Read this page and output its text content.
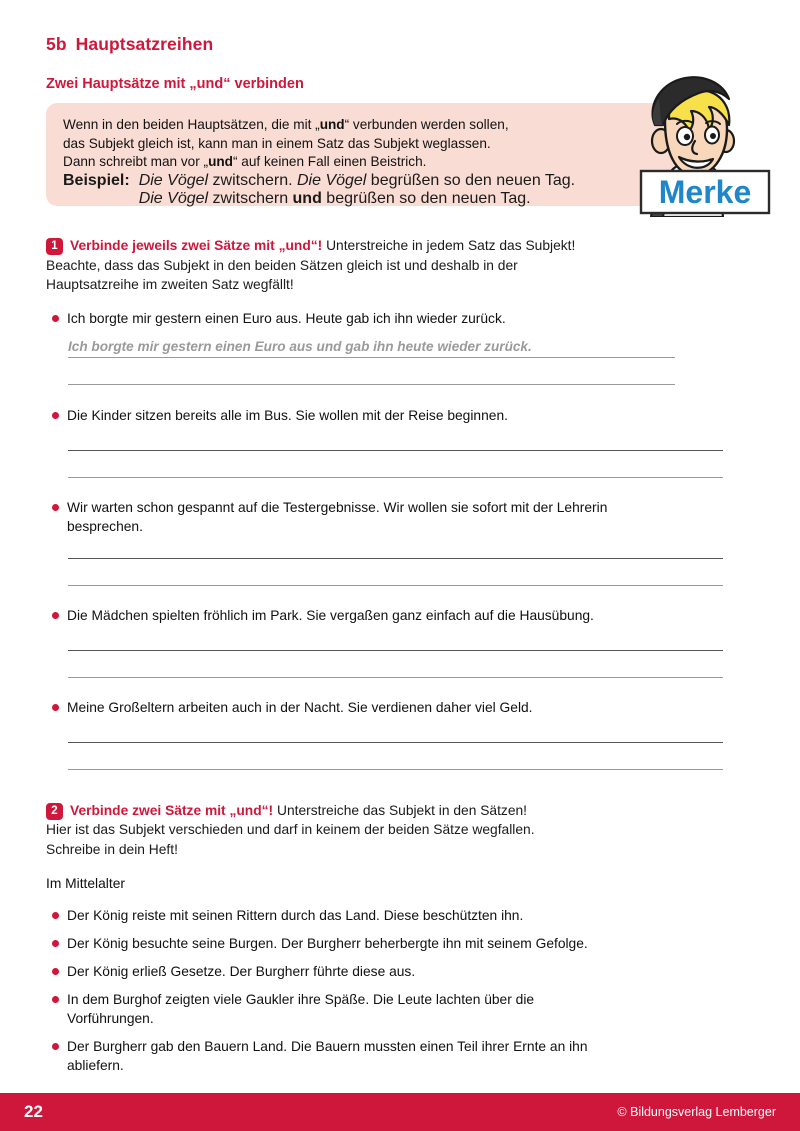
5b Hauptsatzreihen
Zwei Hauptsätze mit „und“ verbinden

Wenn in den beiden Hauptsätzen, die mit „und“ verbunden werden sollen,

das Subjekt gleich ist, kann man in einem Satz das Subjekt weglassen.

Dann schreibt man vor „und“ auf keinen Fall einen Beistrich.

Beispiel: Die Vögel zwitschern. Die Vögel begrüßen so den neuen Tag.
Die Vögel zwitschern und begrüßen so den neuen Tag.	Merke
1 Verbinde jeweils zwei Sätze mit „und“! Unterstreiche in jedem Satz das Subjekt!
Beachte, dass das Subjekt in den beiden Sätzen gleich ist und deshalb in der
Hauptsatzreihe im zweiten Satz wegfällt!
Ich borgte mir gestern einen Euro aus. Heute gab ich ihn wieder zurück.
Ich borgte mir gestern einen Euro aus und gab ihn heute wieder zurück.
Die Kinder sitzen bereits alle im Bus. Sie wollen mit der Reise beginnen.
Wir warten schon gespannt auf die Testergebnisse. Wir wollen sie sofort mit der Lehrerin
besprechen.
Die Mädchen spielten fröhlich im Park. Sie vergaßen ganz einfach auf die Hausübung.
Meine Großeltern arbeiten auch in der Nacht. Sie verdienen daher viel Geld.
2 Verbinde zwei Sätze mit „und“! Unterstreiche das Subjekt in den Sätzen!
Hier ist das Subjekt verschieden und darf in keinem der beiden Sätze wegfallen.
Schreibe in dein Heft!
Im Mittelalter
Der König reiste mit seinen Rittern durch das Land. Diese beschützten ihn.
Der König besuchte seine Burgen. Der Burgherr beherbergte ihn mit seinem Gefolge.
Der König erließ Gesetze. Der Burgherr führte diese aus.
In dem Burghof zeigten viele Gaukler ihre Späße. Die Leute lachten über die
Vorführungen.
Der Burgherr gab den Bauern Land. Die Bauern mussten einen Teil ihrer Ernte an ihn
abliefern.
22	© Bildungsverlag Lemberger
